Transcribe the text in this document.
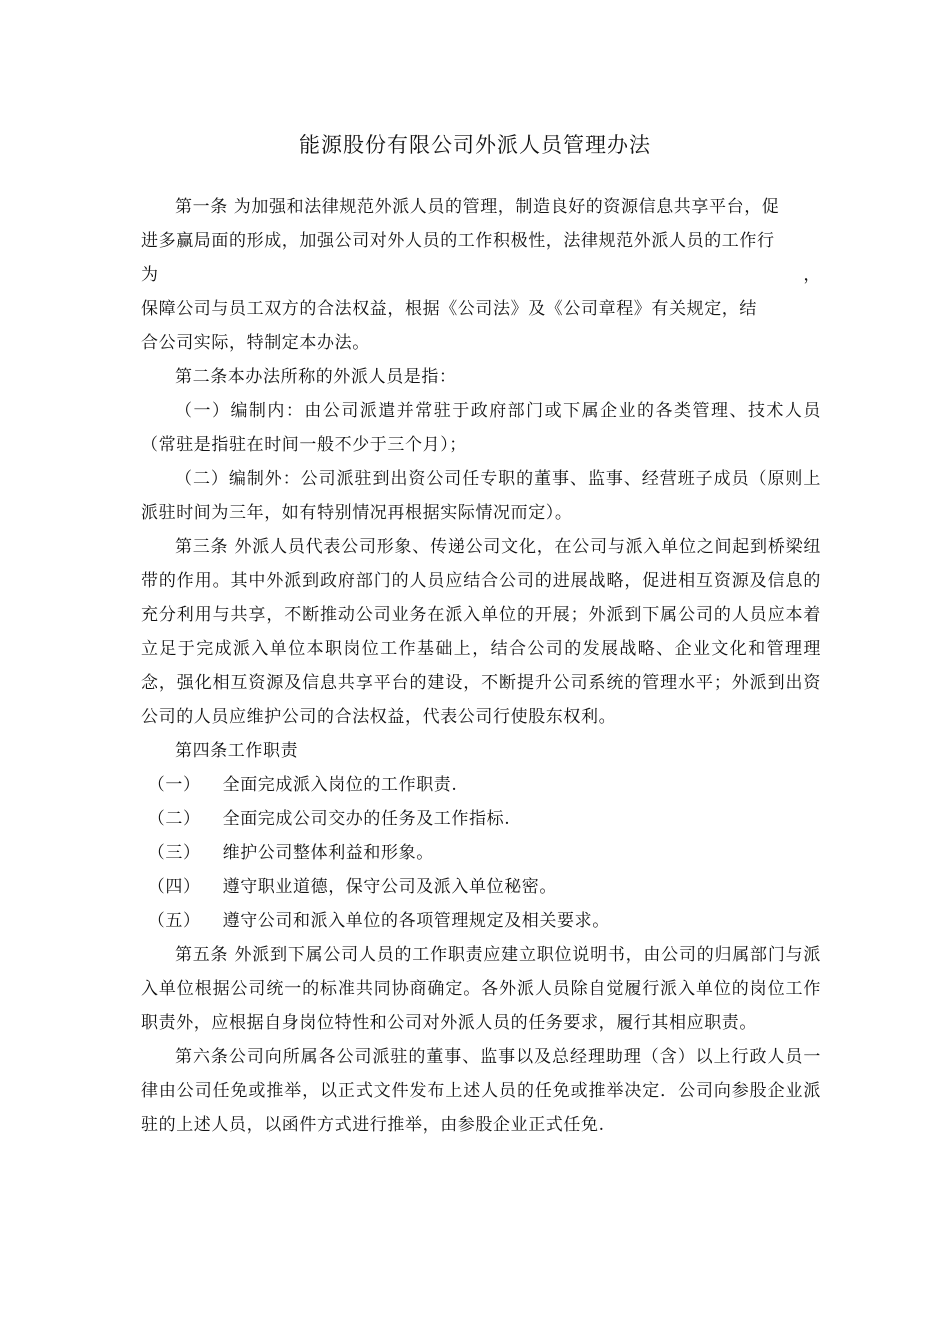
能源股份有限公司外派人员管理办法

第一条 为加强和法律规范外派人员的管理，制造良好的资源信息共享平台，促

进多赢局面的形成，加强公司对外人员的工作积极性，法律规范外派人员的工作行

为	，

保障公司与员工双方的合法权益，根据《公司法》及《公司章程》有关规定，结

合公司实际，特制定本办法。

第二条本办法所称的外派人员是指：

（一）编制内：由公司派遣并常驻于政府部门或下属企业的各类管理、技术人员（常驻是指驻在时间一般不少于三个月）；

（二）编制外：公司派驻到出资公司任专职的董事、监事、经营班子成员（原则上派驻时间为三年，如有特别情况再根据实际情况而定）。

第三条 外派人员代表公司形象、传递公司文化，在公司与派入单位之间起到桥梁纽带的作用。其中外派到政府部门的人员应结合公司的进展战略，促进相互资源及信息的充分利用与共享，不断推动公司业务在派入单位的开展；外派到下属公司的人员应本着立足于完成派入单位本职岗位工作基础上，结合公司的发展战略、企业文化和管理理念，强化相互资源及信息共享平台的建设，不断提升公司系统的管理水平；外派到出资公司的人员应维护公司的合法权益，代表公司行使股东权利。

第四条工作职责

（一）	全面完成派入岗位的工作职责.
（二）	全面完成公司交办的任务及工作指标.
（三）	维护公司整体利益和形象。
（四）	遵守职业道德，保守公司及派入单位秘密。
（五）	遵守公司和派入单位的各项管理规定及相关要求。

第五条 外派到下属公司人员的工作职责应建立职位说明书，由公司的归属部门与派入单位根据公司统一的标准共同协商确定。各外派人员除自觉履行派入单位的岗位工作职责外，应根据自身岗位特性和公司对外派人员的任务要求，履行其相应职责。

第六条公司向所属各公司派驻的董事、监事以及总经理助理（含）以上行政人员一律由公司任免或推举，以正式文件发布上述人员的任免或推举决定．公司向参股企业派驻的上述人员，以函件方式进行推举，由参股企业正式任免.
